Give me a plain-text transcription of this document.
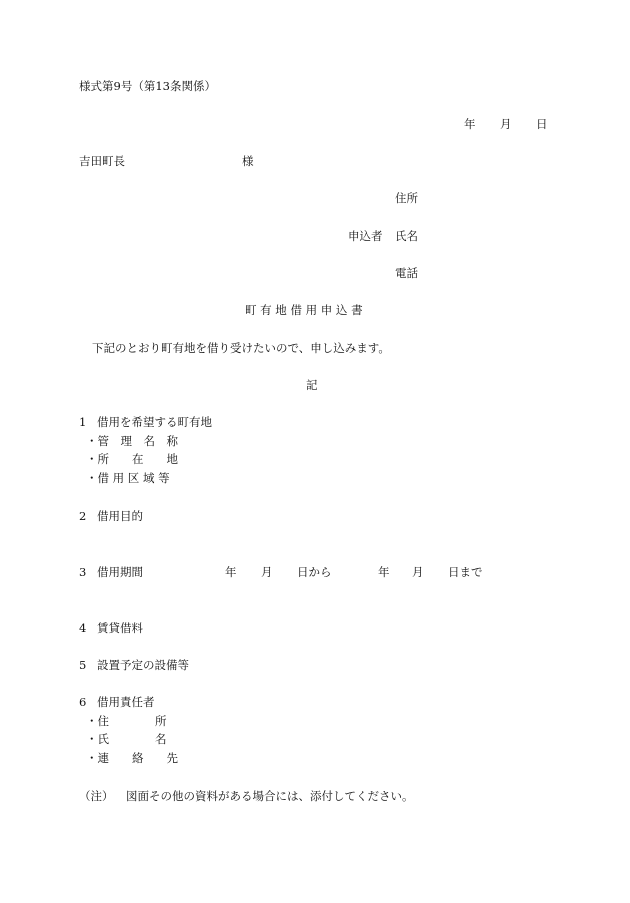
様式第9号（第13条関係）
年 月 日
吉田町長	様
住所
申込者 氏名
電話
町 有 地 借 用 申 込 書
下記のとおり町有地を借り受けたいので、申し込みます。
記
1 借用を希望する町有地
・管　理　名　称
・所　　在　　地
・借 用 区 域 等
2 借用目的
3 借用期間	年 月 日から	年 月 日まで
4 賃貸借料
5 設置予定の設備等
6 借用責任者
・住　　　　所
・氏　　　　名
・連　　絡　　先
（注） 図面その他の資料がある場合には、添付してください。
